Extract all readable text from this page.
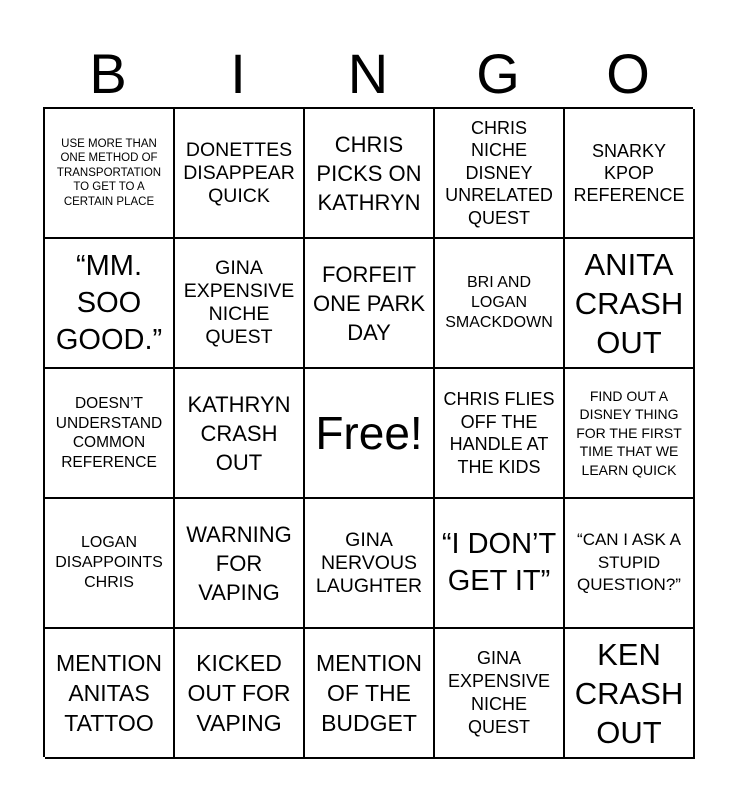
B	I	N	G	O
USE MORE THAN ONE METHOD OF TRANSPORTATION TO GET TO A CERTAIN PLACE
DONETTES DISAPPEAR QUICK
CHRIS PICKS ON KATHRYN
CHRIS NICHE DISNEY UNRELATED QUEST
SNARKY KPOP REFERENCE
“MM. SOO GOOD.”
GINA EXPENSIVE NICHE QUEST
FORFEIT ONE PARK DAY
BRI AND LOGAN SMACKDOWN
ANITA CRASH OUT
DOESN’T UNDERSTAND COMMON REFERENCE
KATHRYN CRASH OUT
Free!
CHRIS FLIES OFF THE HANDLE AT THE KIDS
FIND OUT A DISNEY THING FOR THE FIRST TIME THAT WE LEARN QUICK
LOGAN DISAPPOINTS CHRIS
WARNING FOR VAPING
GINA NERVOUS LAUGHTER
“I DON’T GET IT”
“CAN I ASK A STUPID QUESTION?”
MENTION ANITAS TATTOO
KICKED OUT FOR VAPING
MENTION OF THE BUDGET
GINA EXPENSIVE NICHE QUEST
KEN CRASH OUT
